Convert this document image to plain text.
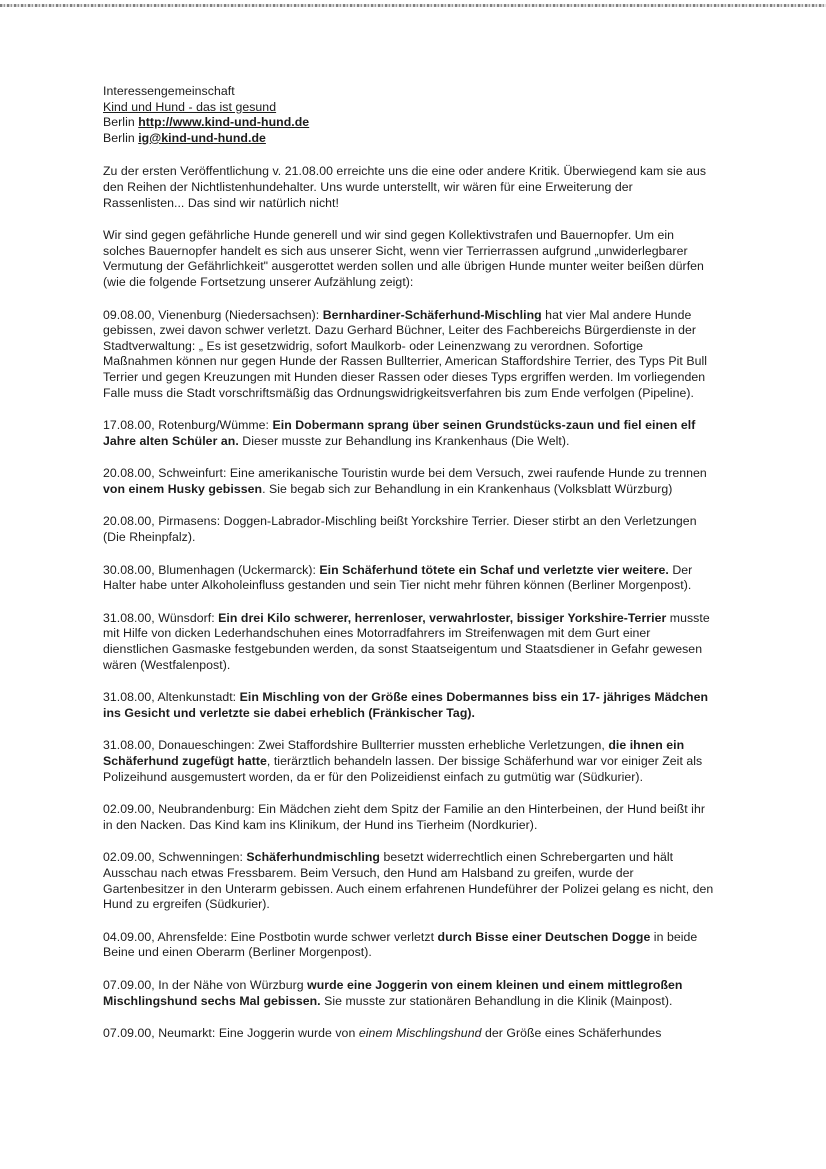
Interessengemeinschaft
Kind und Hund - das ist gesund
Berlin http://www.kind-und-hund.de
Berlin ig@kind-und-hund.de

Zu der ersten Veröffentlichung v. 21.08.00 erreichte uns die eine oder andere Kritik. Überwiegend kam sie aus den Reihen der Nichtlistenhundehalter. Uns wurde unterstellt, wir wären für eine Erweiterung der Rassenlisten... Das sind wir natürlich nicht!

Wir sind gegen gefährliche Hunde generell und wir sind gegen Kollektivstrafen und Bauernopfer. Um ein solches Bauernopfer handelt es sich aus unserer Sicht, wenn vier Terrierrassen aufgrund „unwiderlegbarer Vermutung der Gefährlichkeit" ausgerottet werden sollen und alle übrigen Hunde munter weiter beißen dürfen (wie die folgende Fortsetzung unserer Aufzählung zeigt):

09.08.00, Vienenburg (Niedersachsen): Bernhardiner-Schäferhund-Mischling hat vier Mal andere Hunde gebissen, zwei davon schwer verletzt. Dazu Gerhard Büchner, Leiter des Fachbereichs Bürgerdienste in der Stadtverwaltung: „ Es ist gesetzwidrig, sofort Maulkorb- oder Leinenzwang zu verordnen. Sofortige Maßnahmen können nur gegen Hunde der Rassen Bullterrier, American Staffordshire Terrier, des Typs Pit Bull Terrier und gegen Kreuzungen mit Hunden dieser Rassen oder dieses Typs ergriffen werden. Im vorliegenden Falle muss die Stadt vorschriftsmäßig das Ordnungswidrigkeitsverfahren bis zum Ende verfolgen (Pipeline).

17.08.00, Rotenburg/Wümme: Ein Dobermann sprang über seinen Grundstücks-zaun und fiel einen elf Jahre alten Schüler an. Dieser musste zur Behandlung ins Krankenhaus (Die Welt).

20.08.00, Schweinfurt: Eine amerikanische Touristin wurde bei dem Versuch, zwei raufende Hunde zu trennen von einem Husky gebissen. Sie begab sich zur Behandlung in ein Krankenhaus (Volksblatt Würzburg)

20.08.00, Pirmasens: Doggen-Labrador-Mischling beißt Yorckshire Terrier. Dieser stirbt an den Verletzungen (Die Rheinpfalz).

30.08.00, Blumenhagen (Uckermarck): Ein Schäferhund tötete ein Schaf und verletzte vier weitere. Der Halter habe unter Alkoholeinfluss gestanden und sein Tier nicht mehr führen können (Berliner Morgenpost).

31.08.00, Wünsdorf: Ein drei Kilo schwerer, herrenloser, verwahrloster, bissiger Yorkshire-Terrier musste mit Hilfe von dicken Lederhandschuhen eines Motorradfahrers im Streifenwagen mit dem Gurt einer dienstlichen Gasmaske festgebunden werden, da sonst Staatseigentum und Staatsdiener in Gefahr gewesen wären (Westfalenpost).

31.08.00, Altenkunstadt: Ein Mischling von der Größe eines Dobermannes biss ein 17- jähriges Mädchen ins Gesicht und verletzte sie dabei erheblich (Fränkischer Tag).

31.08.00, Donaueschingen: Zwei Staffordshire Bullterrier mussten erhebliche Verletzungen, die ihnen ein Schäferhund zugefügt hatte, tierärztlich behandeln lassen. Der bissige Schäferhund war vor einiger Zeit als Polizeihund ausgemustert worden, da er für den Polizeidienst einfach zu gutmütig war (Südkurier).

02.09.00, Neubrandenburg: Ein Mädchen zieht dem Spitz der Familie an den Hinterbeinen, der Hund beißt ihr in den Nacken. Das Kind kam ins Klinikum, der Hund ins Tierheim (Nordkurier).

02.09.00, Schwenningen: Schäferhundmischling besetzt widerrechtlich einen Schrebergarten und hält Ausschau nach etwas Fressbarem. Beim Versuch, den Hund am Halsband zu greifen, wurde der Gartenbesitzer in den Unterarm gebissen. Auch einem erfahrenen Hundeführer der Polizei gelang es nicht, den Hund zu ergreifen (Südkurier).

04.09.00, Ahrensfelde: Eine Postbotin wurde schwer verletzt durch Bisse einer Deutschen Dogge in beide Beine und einen Oberarm (Berliner Morgenpost).

07.09.00, In der Nähe von Würzburg wurde eine Joggerin von einem kleinen und einem mittlegroßen Mischlingshund sechs Mal gebissen. Sie musste zur stationären Behandlung in die Klinik (Mainpost).

07.09.00, Neumarkt: Eine Joggerin wurde von einem Mischlingshund der Größe eines Schäferhundes
